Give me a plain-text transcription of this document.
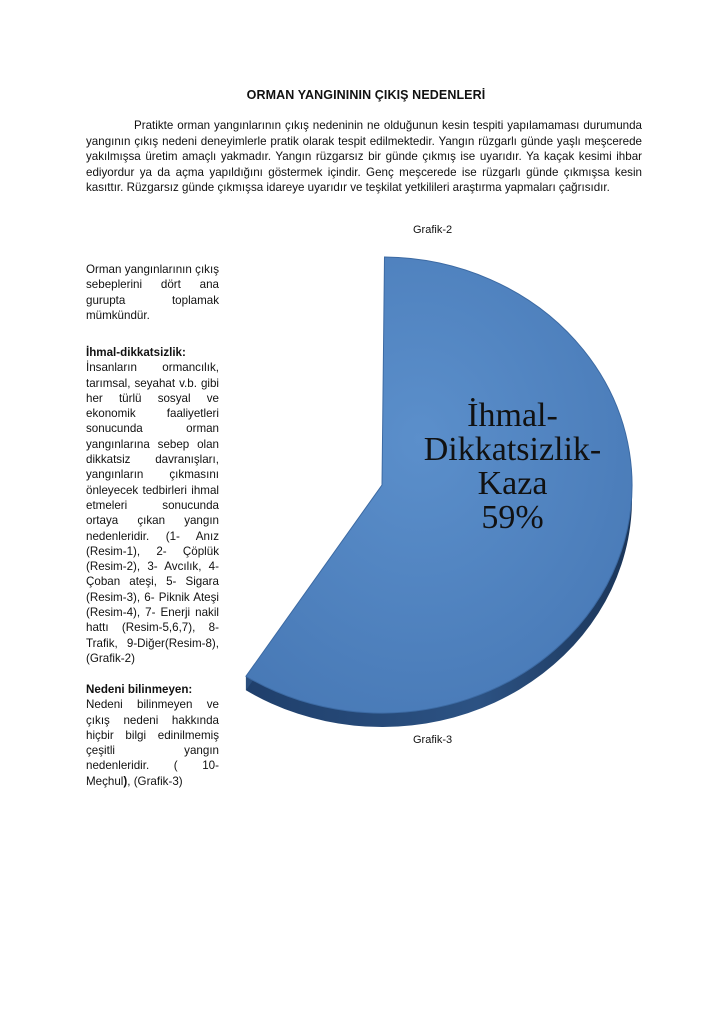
ORMAN YANGINININ ÇIKIŞ NEDENLERİ

Pratikte orman yangınlarının çıkış nedeninin ne olduğunun kesin tespiti yapılamaması durumunda yangının çıkış nedeni deneyimlerle pratik olarak tespit edilmektedir. Yangın rüzgarlı günde yaşlı meşcerede yakılmışsa üretim amaçlı yakmadır. Yangın rüzgarsız bir günde çıkmış ise uyarıdır. Ya kaçak kesimi ihbar ediyordur ya da açma yapıldığını göstermek içindir. Genç meşcerede ise rüzgarlı günde çıkmışsa kesin kasıttır. Rüzgarsız günde çıkmışsa idareye uyarıdır ve teşkilat yetkilileri araştırma yapmaları çağrısıdır.

İhmal-
Dikkatsizlik-
Kaza
59%
Grafik-2
Grafik-3

Orman yangınlarının çıkış sebeplerini dört ana gurupta toplamak mümkündür.

İhmal-dikkatsizlik:
İnsanların ormancılık, tarımsal, seyahat v.b. gibi her türlü sosyal ve ekonomik faaliyetleri sonucunda orman yangınlarına sebep olan dikkatsiz davranışları, yangınların çıkmasını önleyecek tedbirleri ihmal etmeleri sonucunda ortaya çıkan yangın nedenleridir. (1- Anız (Resim-1), 2- Çöplük (Resim-2), 3- Avcılık, 4- Çoban ateşi, 5- Sigara (Resim-3), 6- Piknik Ateşi (Resim-4), 7- Enerji nakil hattı (Resim-5,6,7), 8- Trafik, 9-Diğer(Resim-8),(Grafik-2)

Nedeni bilinmeyen:
Nedeni bilinmeyen ve çıkış nedeni hakkında hiçbir bilgi edinilmemiş çeşitli yangın nedenleridir. ( 10- Meçhul), (Grafik-3)
